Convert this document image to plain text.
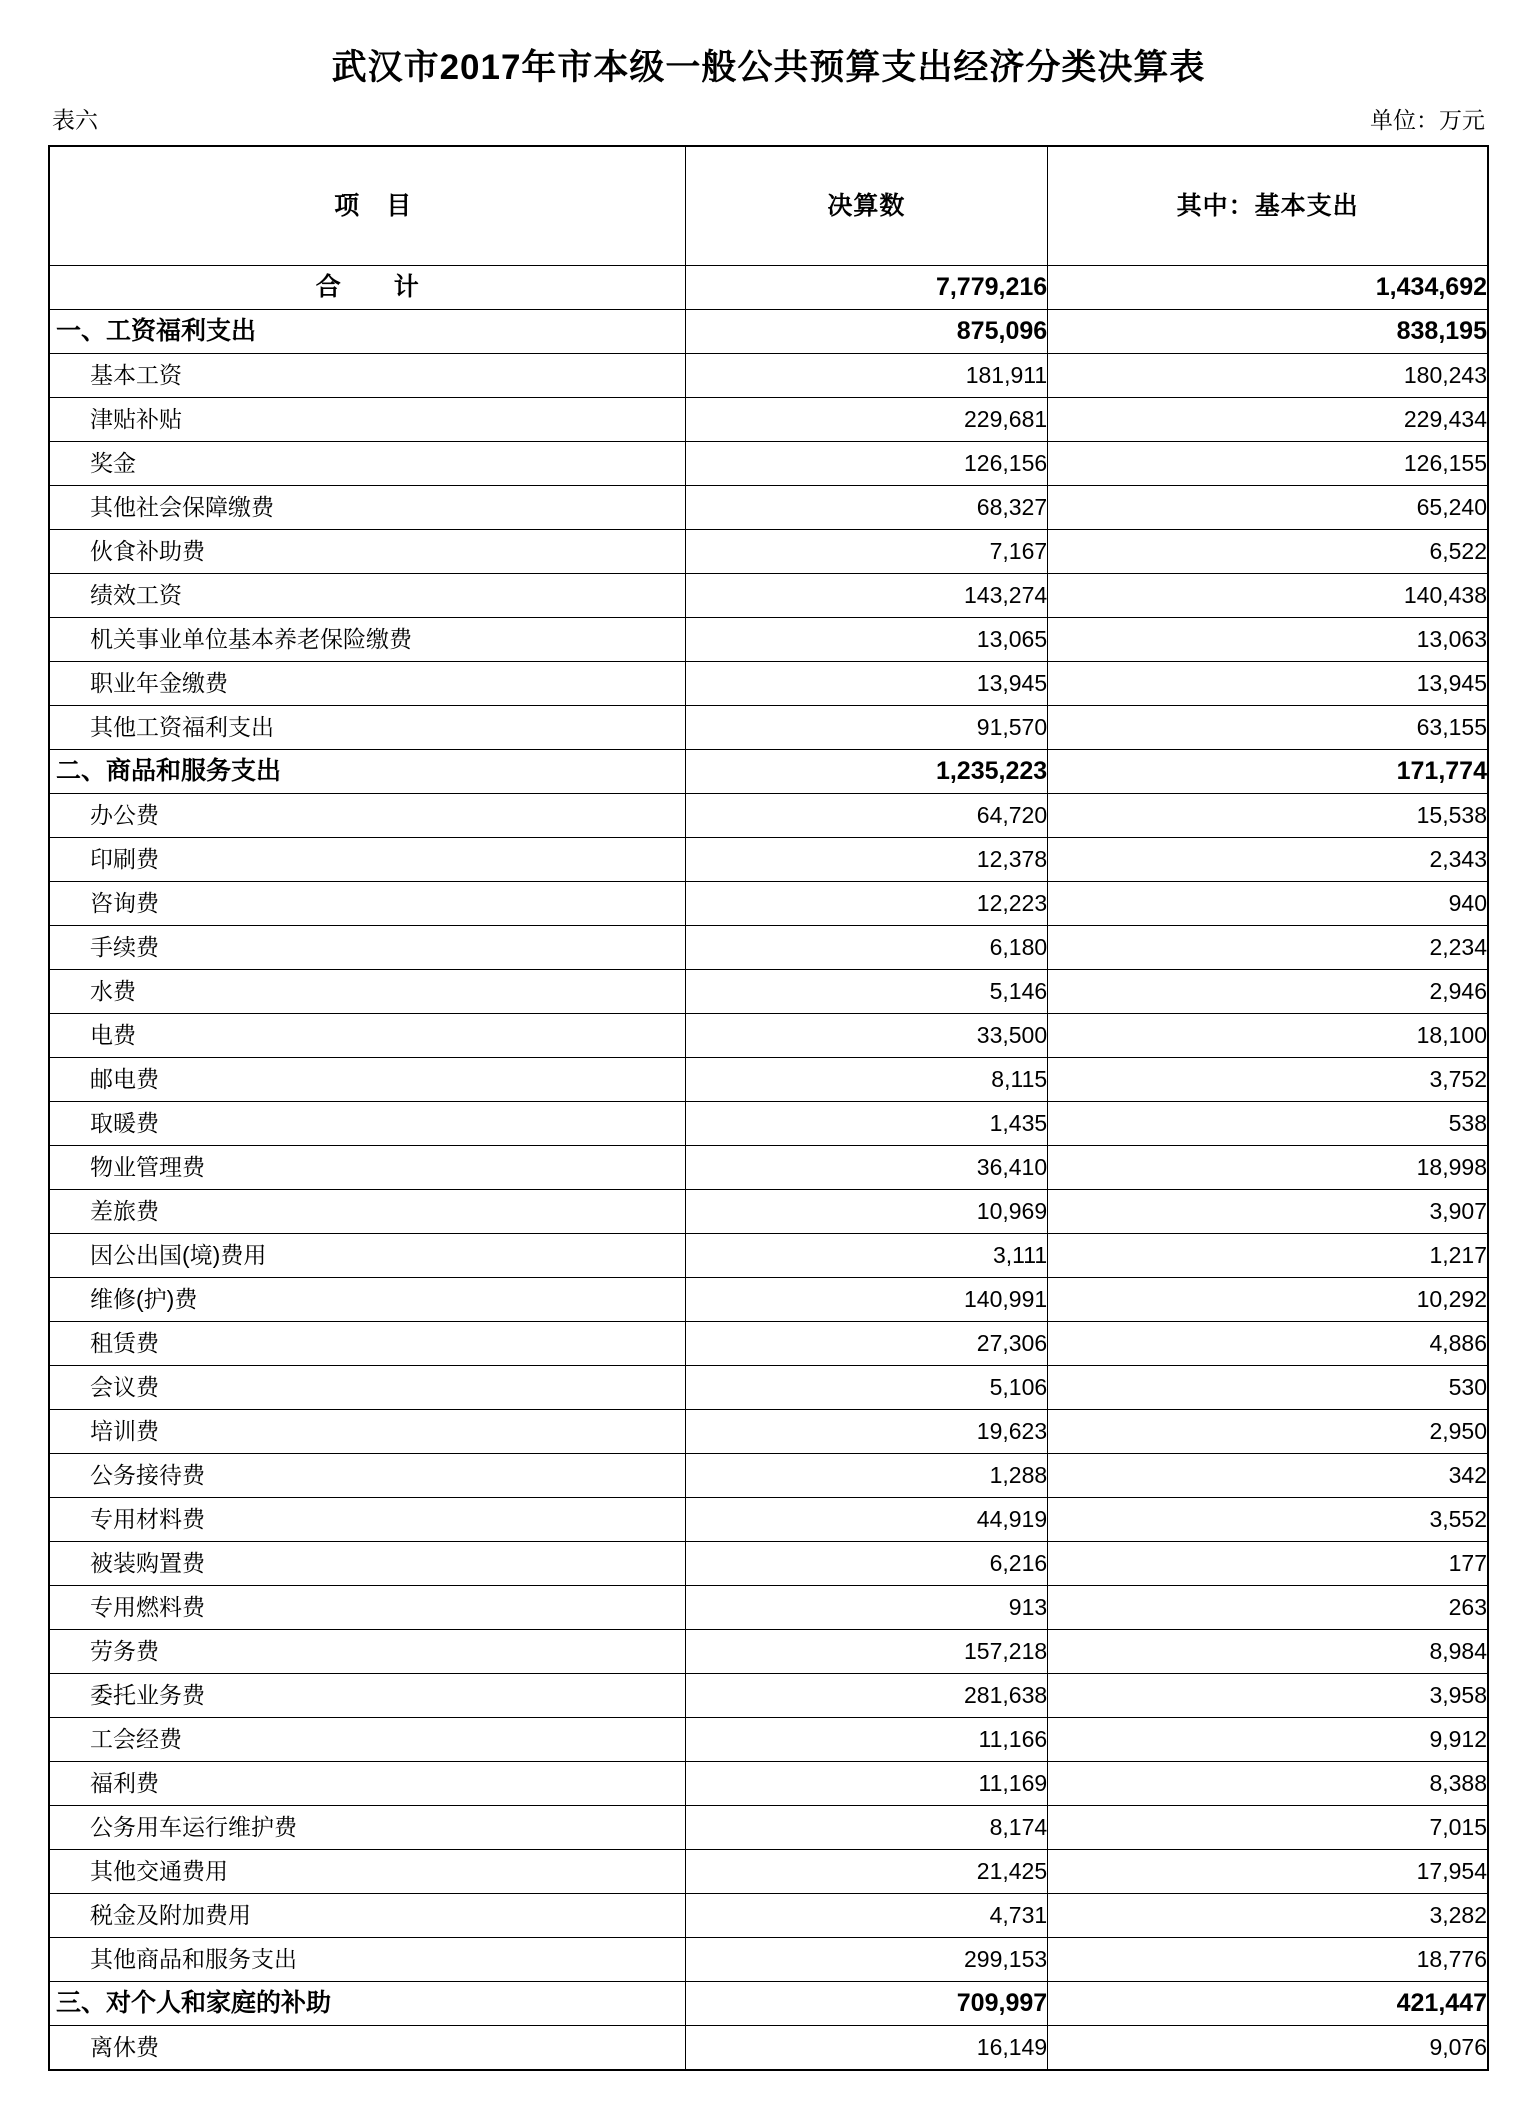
武汉市2017年市本级一般公共预算支出经济分类决算表
表六	单位：万元
项　目	决算数	其中：基本支出
合　计	7,779,216	1,434,692
一、工资福利支出	875,096	838,195
基本工资	181,911	180,243
津贴补贴	229,681	229,434
奖金	126,156	126,155
其他社会保障缴费	68,327	65,240
伙食补助费	7,167	6,522
绩效工资	143,274	140,438
机关事业单位基本养老保险缴费	13,065	13,063
职业年金缴费	13,945	13,945
其他工资福利支出	91,570	63,155
二、商品和服务支出	1,235,223	171,774
办公费	64,720	15,538
印刷费	12,378	2,343
咨询费	12,223	940
手续费	6,180	2,234
水费	5,146	2,946
电费	33,500	18,100
邮电费	8,115	3,752
取暖费	1,435	538
物业管理费	36,410	18,998
差旅费	10,969	3,907
因公出国(境)费用	3,111	1,217
维修(护)费	140,991	10,292
租赁费	27,306	4,886
会议费	5,106	530
培训费	19,623	2,950
公务接待费	1,288	342
专用材料费	44,919	3,552
被装购置费	6,216	177
专用燃料费	913	263
劳务费	157,218	8,984
委托业务费	281,638	3,958
工会经费	11,166	9,912
福利费	11,169	8,388
公务用车运行维护费	8,174	7,015
其他交通费用	21,425	17,954
税金及附加费用	4,731	3,282
其他商品和服务支出	299,153	18,776
三、对个人和家庭的补助	709,997	421,447
离休费	16,149	9,076
